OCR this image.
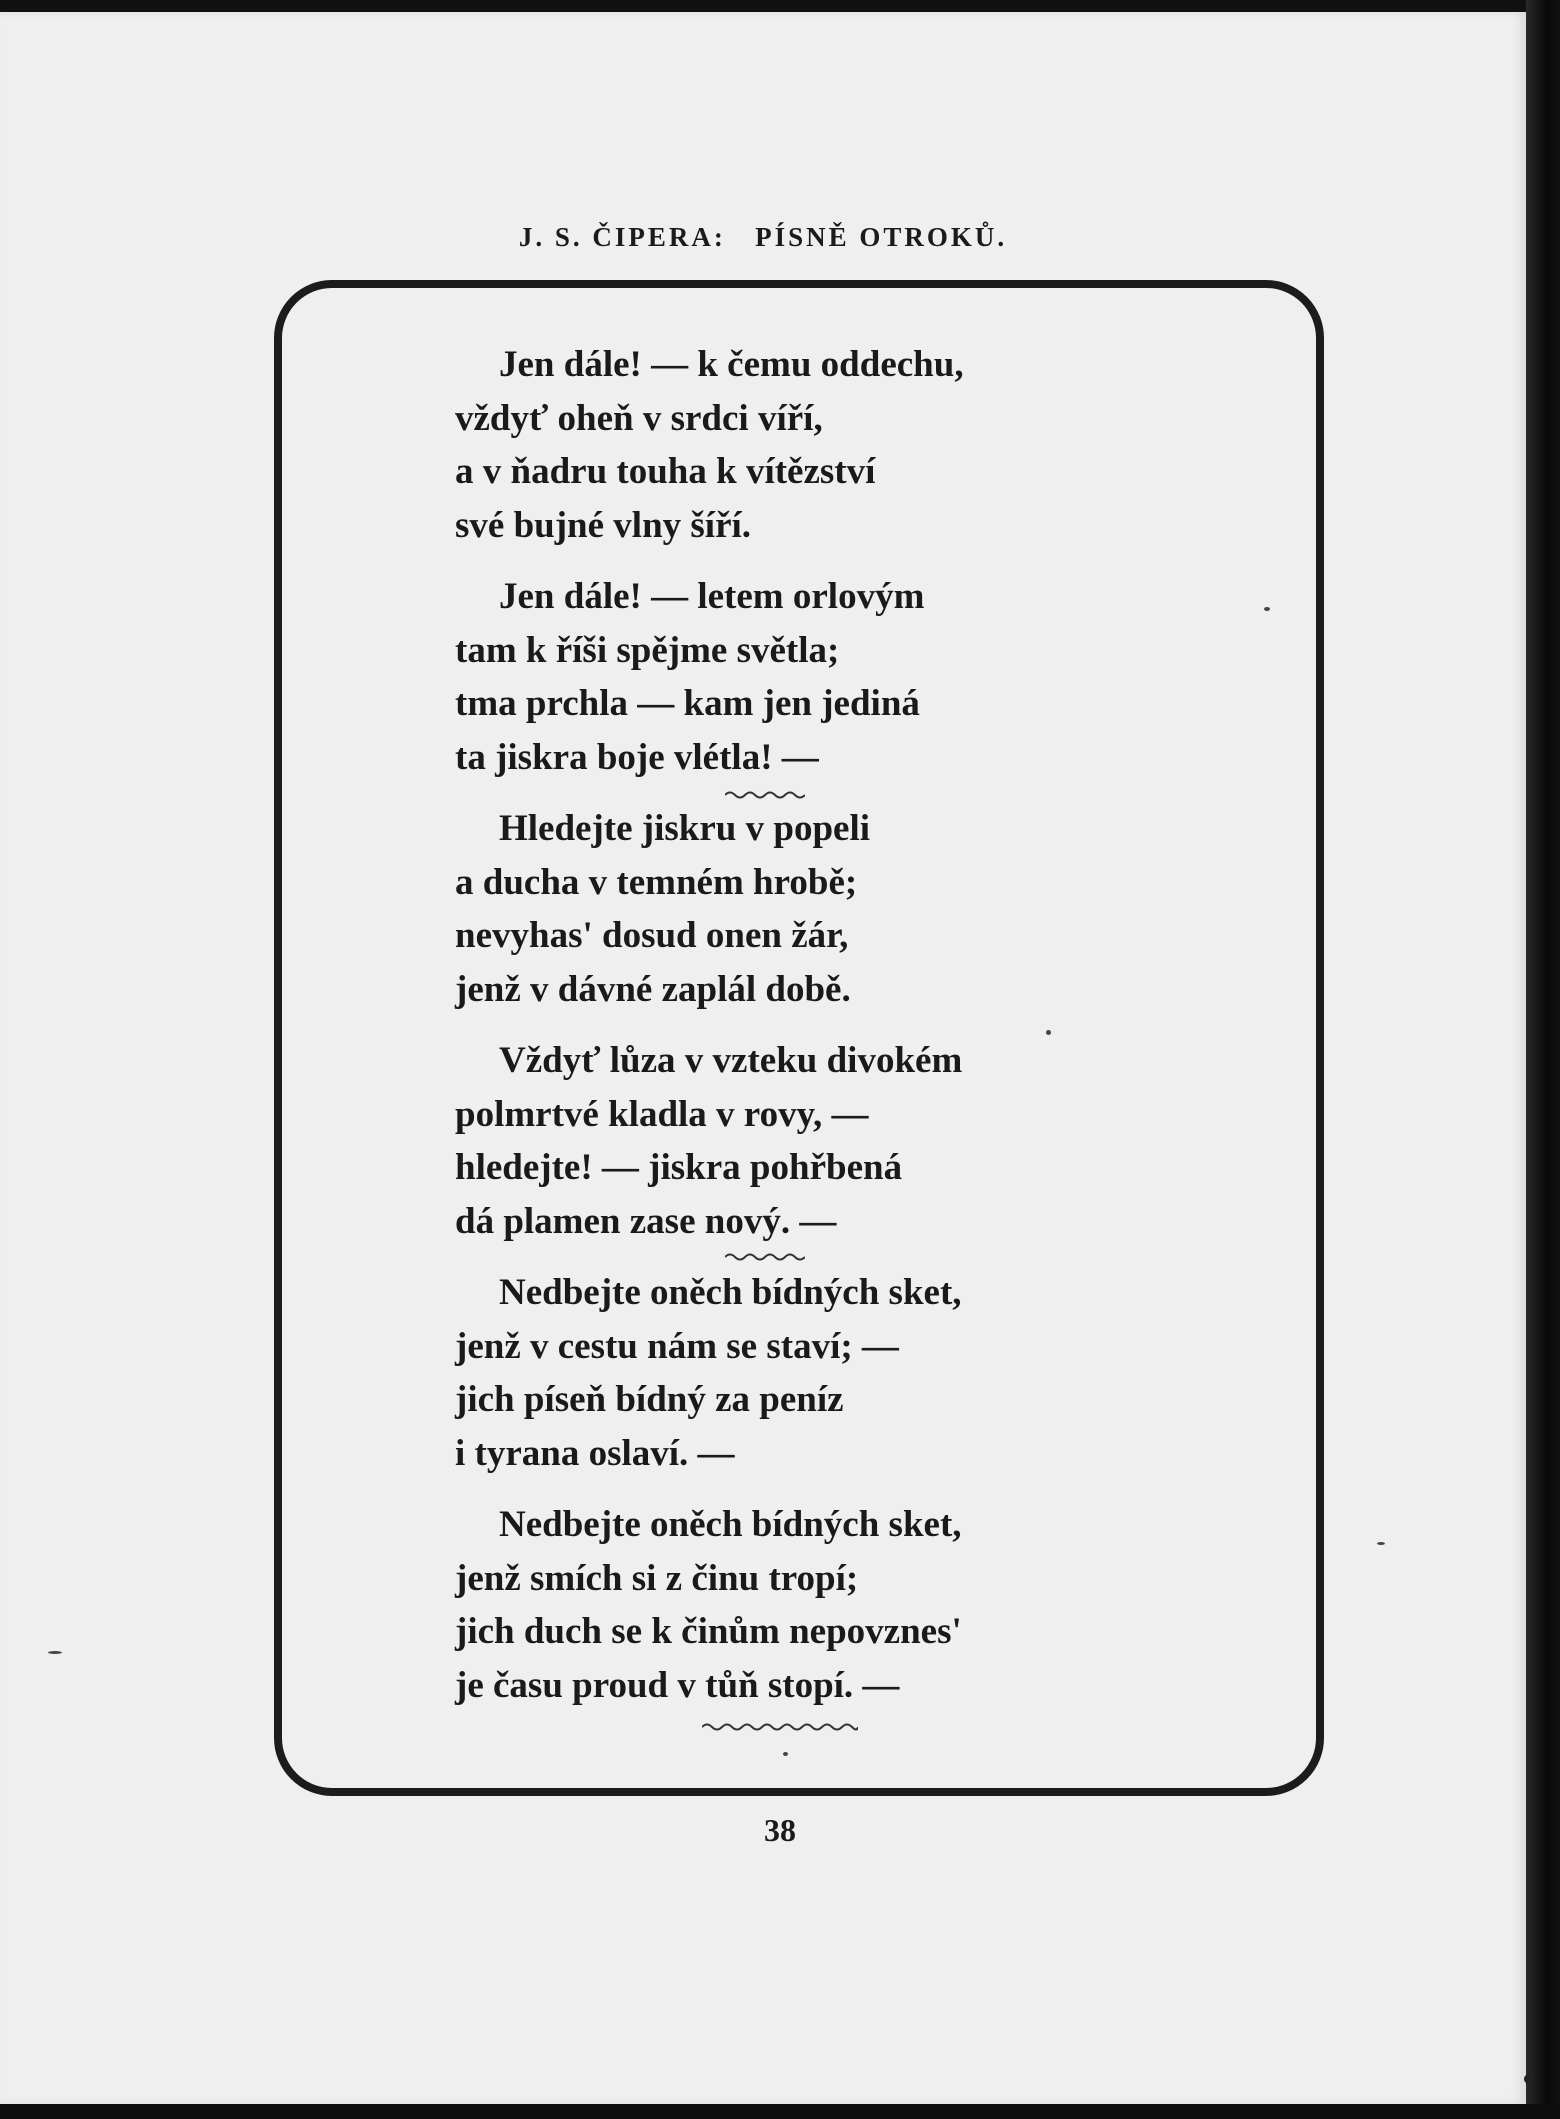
J. S. ČIPERA: PÍSNĚ OTROKŮ.
Jen dále! — k čemu oddechu,
vždyť oheň v srdci víří,
a v ňadru touha k vítězství
své bujné vlny šíří.
Jen dále! — letem orlovým
tam k říši spějme světla;
tma prchla — kam jen jediná
ta jiskra boje vlétla! —
Hledejte jiskru v popeli
a ducha v temném hrobě;
nevyhas' dosud onen žár,
jenž v dávné zaplál době.
Vždyť lůza v vzteku divokém
polmrtvé kladla v rovy, —
hledejte! — jiskra pohřbená
dá plamen zase nový. —
Nedbejte oněch bídných sket,
jenž v cestu nám se staví; —
jich píseň bídný za peníz
i tyrana oslaví. —
Nedbejte oněch bídných sket,
jenž smích si z činu tropí;
jich duch se k činům nepovznes'
je času proud v tůň stopí. —
38
